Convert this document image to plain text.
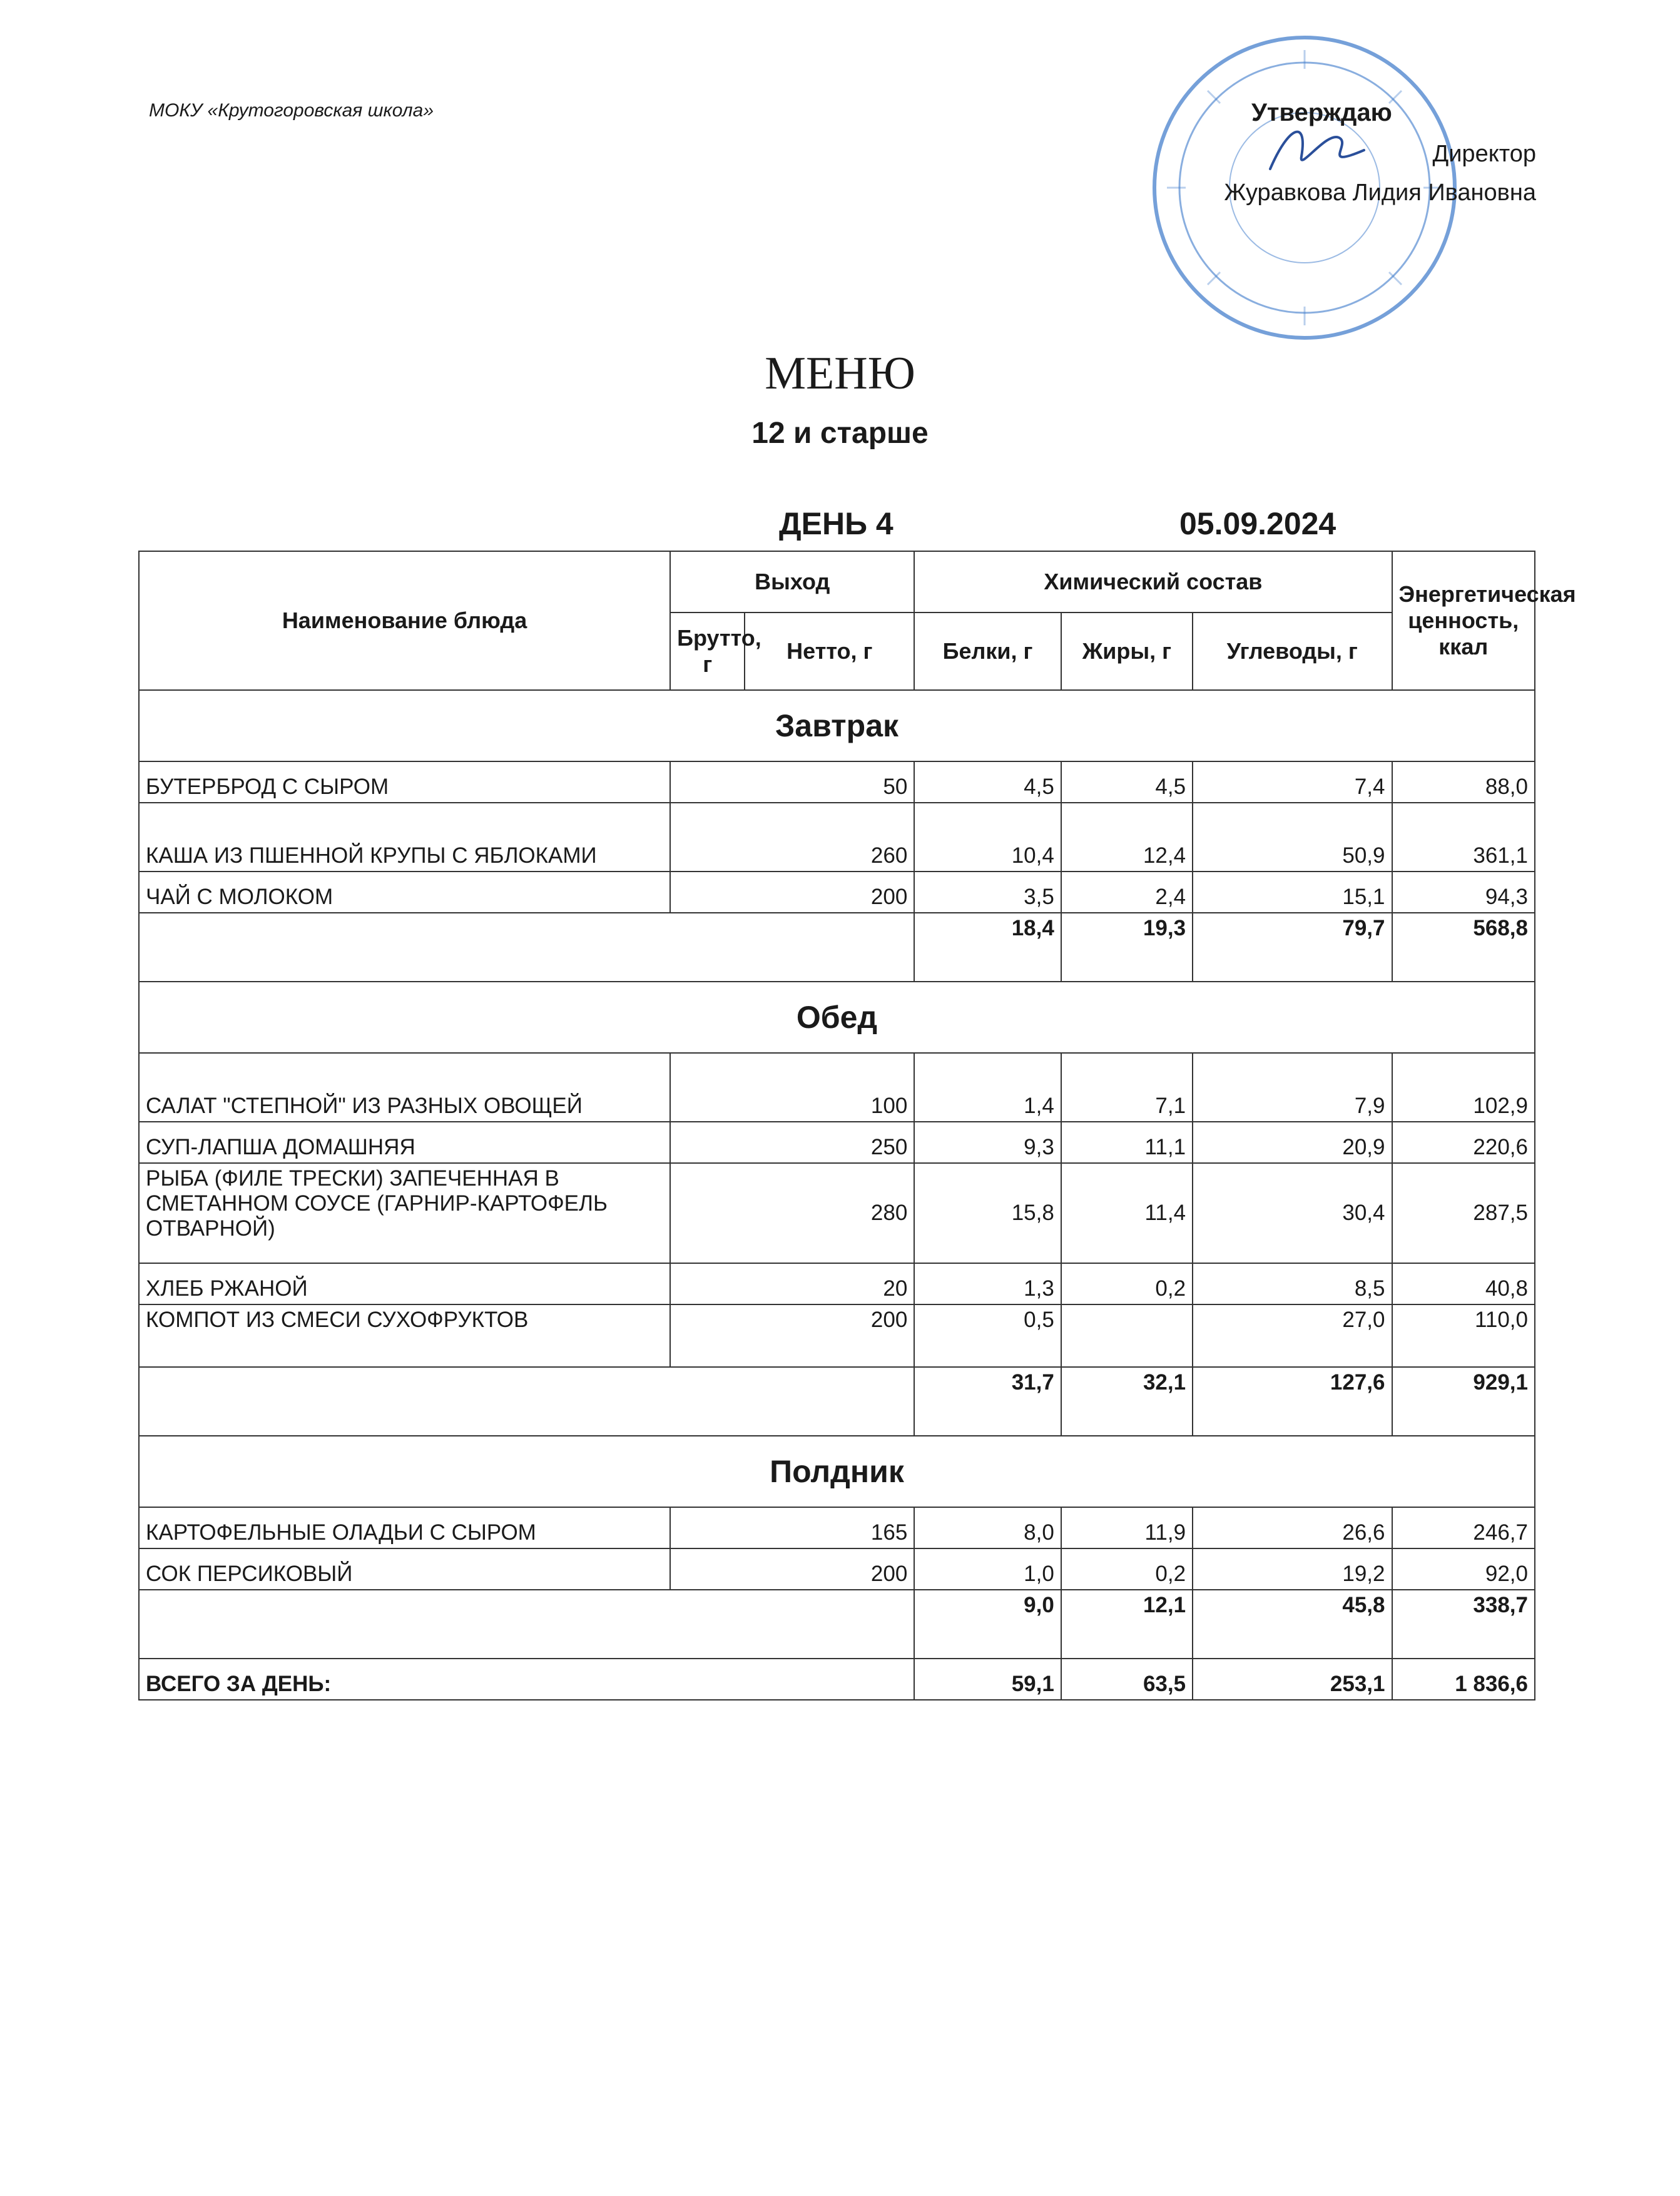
МОКУ «Крутогоровская школа»	Утверждаю
Директор
Журавкова Лидия Ивановна
МЕНЮ
12 и старше
ДЕНЬ 4	05.09.2024
Наименование блюда	Выход		Химический состав			Энергетическая ценность, ккал
	Брутто, г	Нетто, г	Белки, г	Жиры, г	Углеводы, г	
Завтрак						
БУТЕРБРОД С СЫРОМ	50		4,5	4,5	7,4	88,0
КАША ИЗ ПШЕННОЙ КРУПЫ С ЯБЛОКАМИ	260		10,4	12,4	50,9	361,1
ЧАЙ С МОЛОКОМ	200		3,5	2,4	15,1	94,3
			18,4	19,3	79,7	568,8
Обед						
САЛАТ "СТЕПНОЙ" ИЗ РАЗНЫХ ОВОЩЕЙ	100		1,4	7,1	7,9	102,9
СУП-ЛАПША ДОМАШНЯЯ	250		9,3	11,1	20,9	220,6
РЫБА (ФИЛЕ ТРЕСКИ) ЗАПЕЧЕННАЯ В СМЕТАННОМ СОУСЕ (ГАРНИР-КАРТОФЕЛЬ ОТВАРНОЙ)	280		15,8	11,4	30,4	287,5
ХЛЕБ РЖАНОЙ	20		1,3	0,2	8,5	40,8
КОМПОТ ИЗ СМЕСИ СУХОФРУКТОВ	200		0,5		27,0	110,0
			31,7	32,1	127,6	929,1
Полдник						
КАРТОФЕЛЬНЫЕ ОЛАДЬИ С СЫРОМ	165		8,0	11,9	26,6	246,7
СОК ПЕРСИКОВЫЙ	200		1,0	0,2	19,2	92,0
			9,0	12,1	45,8	338,7
ВСЕГО ЗА ДЕНЬ:			59,1	63,5	253,1	1 836,6
